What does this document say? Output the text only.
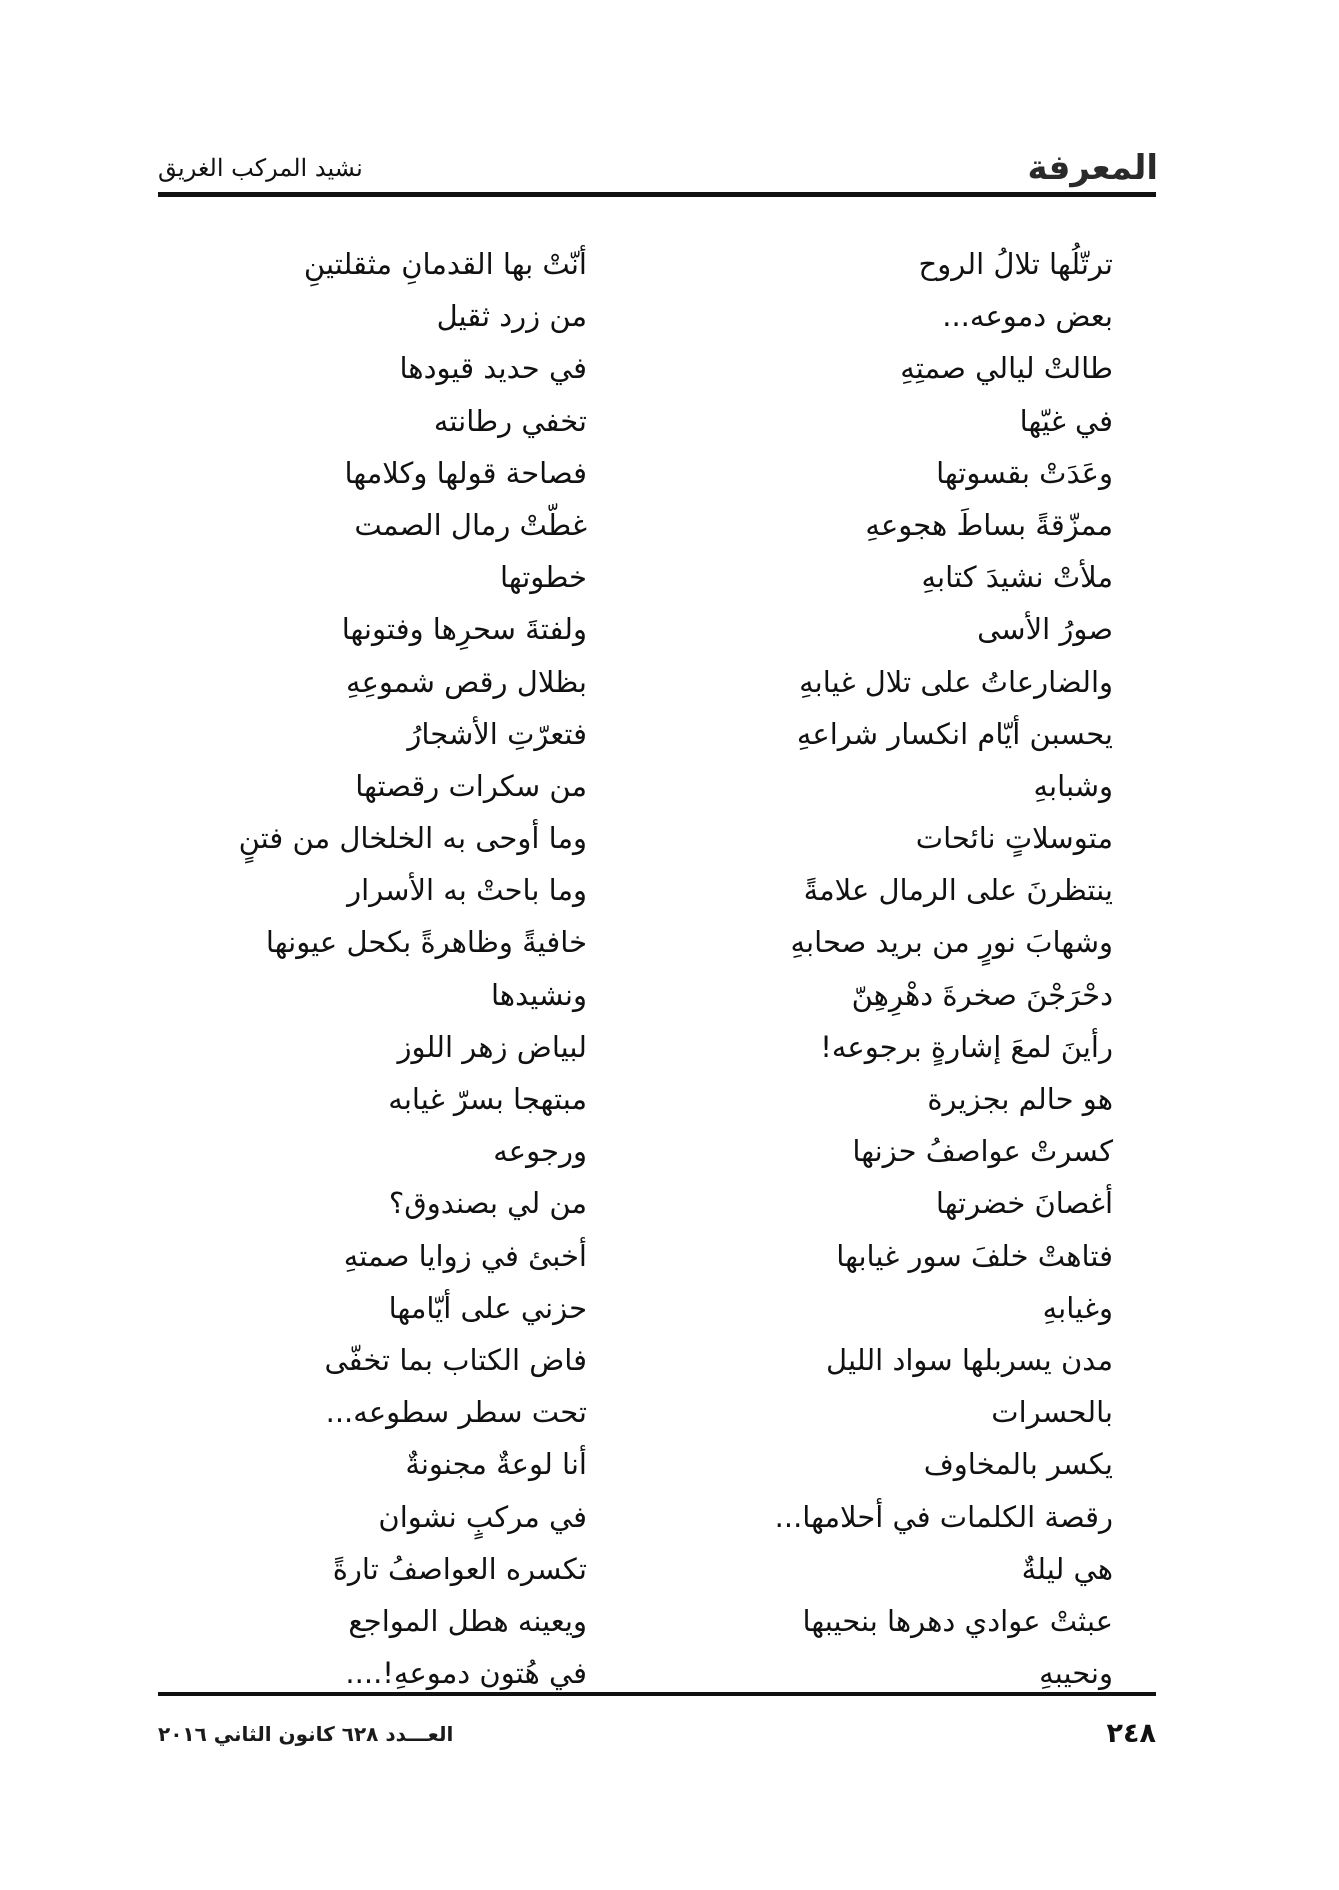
المعرفة
نشيد المركب الغريق
ترتّلُها تلالُ الروح
بعض دموعه...
طالتْ ليالي صمتِهِ
في غيّها
وعَدَتْ بقسوتها
ممزّقةً بساطَ هجوعهِ
ملأتْ نشيدَ كتابهِ
صورُ الأسى
والضارعاتُ على تلال غيابهِ
يحسبن أيّام انكسار شراعهِ
وشبابهِ
متوسلاتٍ نائحات
ينتظرنَ على الرمال علامةً
وشهابَ نورٍ من بريد صحابهِ
دحْرَجْنَ صخرةَ دهْرِهِنّ
رأينَ لمعَ إشارةٍ برجوعه!
هو حالم بجزيرة
كسرتْ عواصفُ حزنها
أغصانَ خضرتها
فتاهتْ خلفَ سور غيابها
وغيابهِ
مدن يسربلها سواد الليل
بالحسرات
يكسر بالمخاوف
رقصة الكلمات في أحلامها...
هي ليلةٌ
عبثتْ عوادي دهرها بنحيبها
ونحيبهِ
أنّتْ بها القدمانِ مثقلتينِ
من زرد ثقيل
في حديد قيودها
تخفي رطانته
فصاحة قولها وكلامها
غطّتْ رمال الصمت
خطوتها
ولفتةَ سحرِها وفتونها
بظلال رقص شموعِهِ
فتعرّتِ الأشجارُ
من سكرات رقصتها
وما أوحى به الخلخال من فتنٍ
وما باحتْ به الأسرار
خافيةً وظاهرةً بكحل عيونها
ونشيدها
لبياض زهر اللوز
مبتهجا بسرّ غيابه
ورجوعه
من لي بصندوق؟
أخبئ في زوايا صمتهِ
حزني على أيّامها
فاض الكتاب بما تخفّى
تحت سطر سطوعه...
أنا لوعةٌ مجنونةٌ
في مركبٍ نشوان
تكسره العواصفُ تارةً
ويعينه هطل المواجع
في هُتون دموعهِ!....
٢٤٨
العـــدد ٦٢٨ كانون الثاني ٢٠١٦
